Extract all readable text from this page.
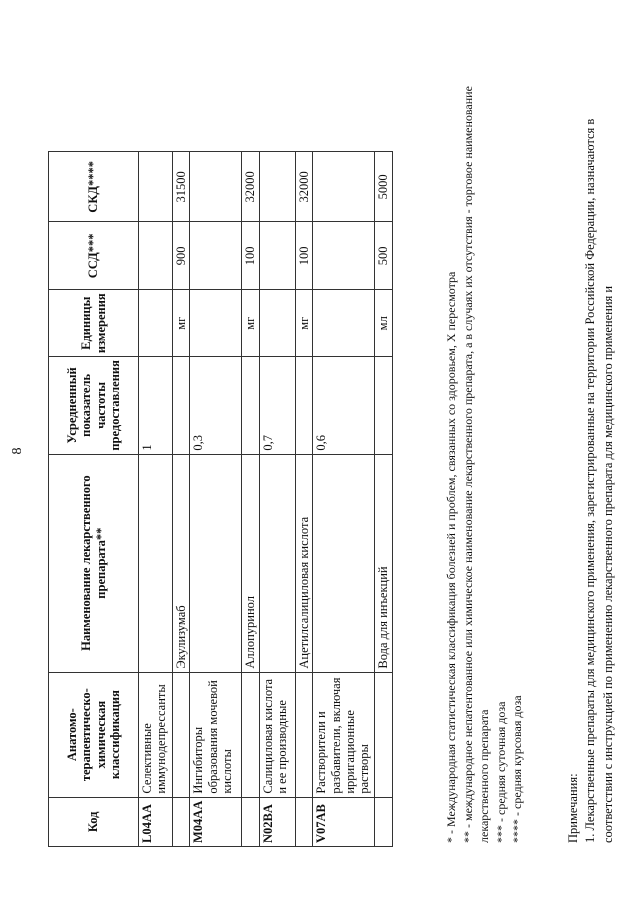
8
Код	Анатомо-терапевтическо-химическая классификация	Наименование лекарственного препарата**	Усредненный показатель частоты предоставления	Единицы измерения	ССД***	СКД****
L04AA	Селективные иммунодепрессанты		1			
		Экулизумаб		мг	900	31500
M04AA	Ингибиторы образования мочевой кислоты		0,3			
		Аллопуринол		мг	100	32000
N02BA	Салициловая кислота и ее производные		0,7			
		Ацетилсалициловая кислота		мг	100	32000
V07AB	Растворители и разбавители, включая ирригационные растворы		0,6			
		Вода для инъекций		мл	500	5000

* - Международная статистическая классификация болезней и проблем, связанных со здоровьем, X пересмотра ** - международное непатентованное или химическое наименование лекарственного препарата, а в случаях их отсутствия - торговое наименование лекарственного препарата *** - средняя суточная доза **** - средняя курсовая доза	Примечания: 1. Лекарственные препараты для медицинского применения, зарегистрированные на территории Российской Федерации, назначаются в соответствии с инструкцией по применению лекарственного препарата для медицинского применения и
